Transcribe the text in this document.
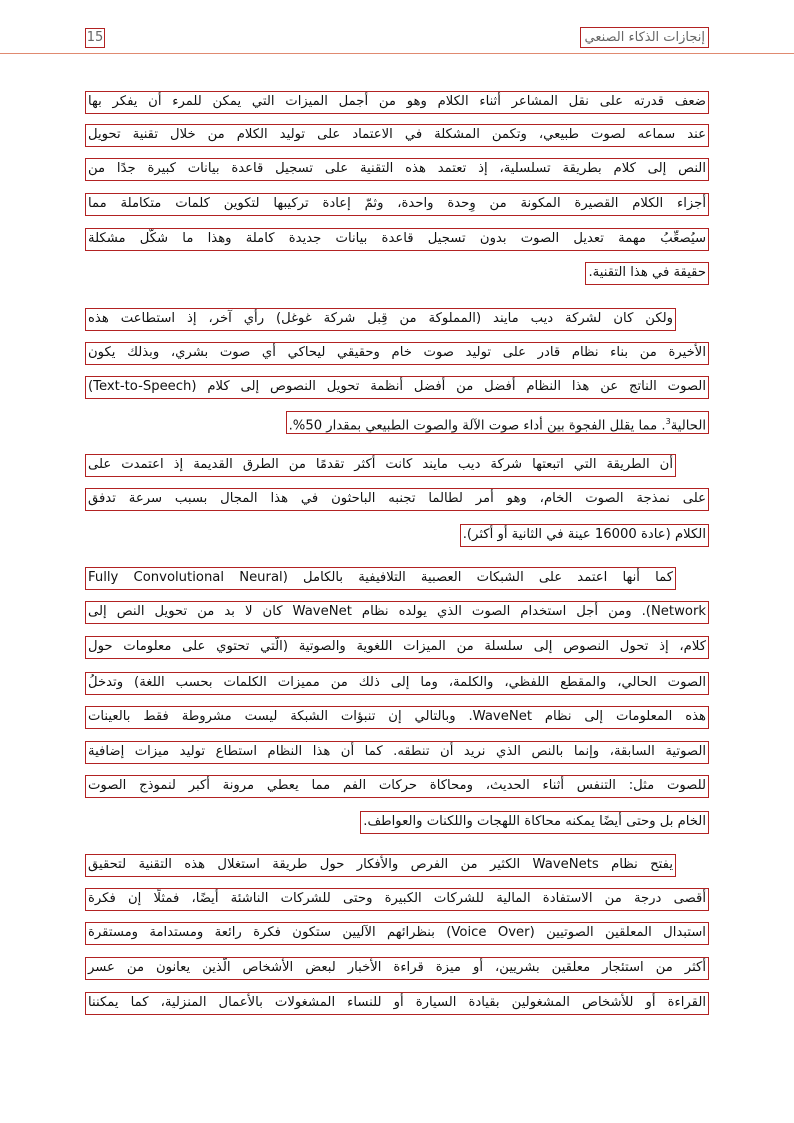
إنجازات الذكاء الصنعي
15
ضعف قدرته على نقل المشاعر أثناء الكلام وهو من أجمل الميزات التي يمكن للمرء أن يفكر بها
عند سماعه لصوت طبيعي، وتكمن المشكلة في الاعتماد على توليد الكلام من خلال تقنية تحويل
النص إلى كلام بطريقة تسلسلية، إذ تعتمد هذه التقنية على تسجيل قاعدة بيانات كبيرة جدًا من
أجزاء الكلام القصيرة المكونة من وِحدة واحدة، وثمّ إعادة تركيبها لتكوين كلمات متكاملة مما
سيُصعِّبُ مهمة تعديل الصوت بدون تسجيل قاعدة بيانات جديدة كاملة وهذا ما شكّل مشكلة
حقيقة في هذا التقنية.
ولكن كان لشركة ديب مايند (المملوكة من قِبل شركة غوغل) رأي آخر، إذ استطاعت هذه
الأخيرة من بناء نظام قادر على توليد صوت خام وحقيقي ليحاكي أي صوت بشري، وبذلك يكون
الصوت الناتج عن هذا النظام أفضل من أفضل أنظمة تحويل النصوص إلى كلام (Text-to-Speech)
الحالية$^3$. مما يقلل الفجوة بين أداء صوت الآلة والصوت الطبيعي بمقدار 50%.
أن الطريقة التي اتبعتها شركة ديب مايند كانت أكثر تقدمًا من الطرق القديمة إذ اعتمدت على
على نمذجة الصوت الخام، وهو أمر لطالما تجنبه الباحثون في هذا المجال بسبب سرعة تدفق
الكلام (عادة 16000 عينة في الثانية أو أكثر).
كما أنها اعتمد على الشبكات العصبية التلافيفية بالكامل (Fully Convolutional Neural
Network). ومن أجل استخدام الصوت الذي يولده نظام WaveNet كان لا بد من تحويل النص إلى
كلام، إذ تحول النصوص إلى سلسلة من الميزات اللغوية والصوتية (الّتي تحتوي على معلومات حول
الصوت الحالي، والمقطع اللفظي، والكلمة، وما إلى ذلك من مميزات الكلمات بحسب اللغة) وتدخلُ
هذه المعلومات إلى نظام WaveNet. وبالتالي إن تنبؤات الشبكة ليست مشروطة فقط بالعينات
الصوتية السابقة، وإنما بالنص الذي نريد أن تنطقه. كما أن هذا النظام استطاع توليد ميزات إضافية
للصوت مثل: التنفس أثناء الحديث، ومحاكاة حركات الفم مما يعطي مرونة أكبر لنموذج الصوت
الخام بل وحتى أيضًا يمكنه محاكاة اللهجات واللكنات والعواطف.
يفتح نظام WaveNets الكثير من الفرص والأفكار حول طريقة استغلال هذه التقنية لتحقيق
أقصى درجة من الاستفادة المالية للشركات الكبيرة وحتى للشركات الناشئة أيضًا، فمثلًا إن فكرة
استبدال المعلقين الصوتيين (Voice Over) بنظرائهم الآليين ستكون فكرة رائعة ومستدامة ومستقرة
أكثر من استئجار معلقين بشريين، أو ميزة قراءة الأخبار لبعض الأشخاص الّذين يعانون من عسر
القراءة أو للأشخاص المشغولين بقيادة السيارة أو للنساء المشغولات بالأعمال المنزلية، كما يمكننا
